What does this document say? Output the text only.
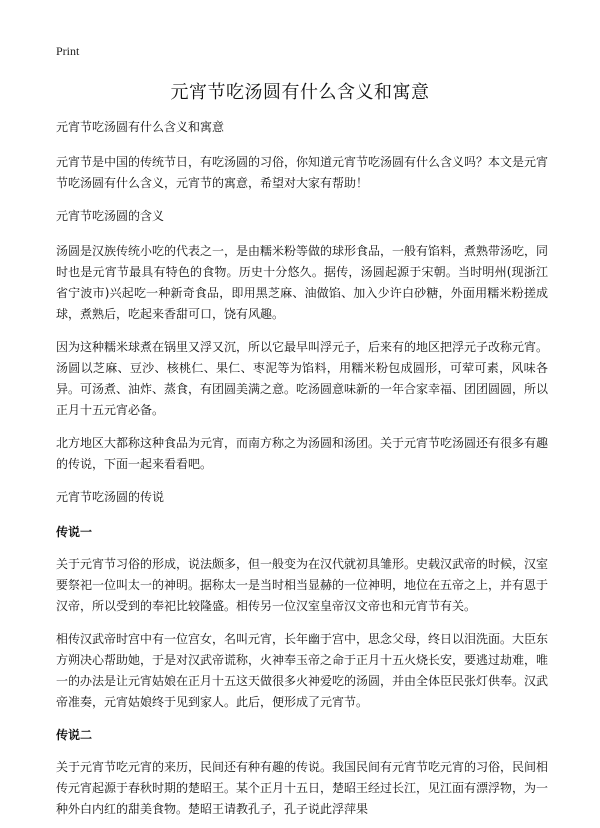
Print
元宵节吃汤圆有什么含义和寓意

元宵节吃汤圆有什么含义和寓意

元宵节是中国的传统节日，有吃汤圆的习俗，你知道元宵节吃汤圆有什么含义吗？本文是元宵节吃汤圆有什么含义，元宵节的寓意，希望对大家有帮助！

元宵节吃汤圆的含义

汤圆是汉族传统小吃的代表之一，是由糯米粉等做的球形食品，一般有馅料，煮熟带汤吃，同时也是元宵节最具有特色的食物。历史十分悠久。据传，汤圆起源于宋朝。当时明州(现浙江省宁波市)兴起吃一种新奇食品，即用黑芝麻、油做馅、加入少许白砂糖，外面用糯米粉搓成球，煮熟后，吃起来香甜可口，饶有风趣。

因为这种糯米球煮在锅里又浮又沉，所以它最早叫浮元子，后来有的地区把浮元子改称元宵。汤圆以芝麻、豆沙、核桃仁、果仁、枣泥等为馅料，用糯米粉包成圆形，可荤可素，风味各异。可汤煮、油炸、蒸食，有团圆美满之意。吃汤圆意味新的一年合家幸福、团团圆圆，所以正月十五元宵必备。

北方地区大都称这种食品为元宵，而南方称之为汤圆和汤团。关于元宵节吃汤圆还有很多有趣的传说，下面一起来看看吧。

元宵节吃汤圆的传说

传说一

关于元宵节习俗的形成，说法颇多，但一般变为在汉代就初具雏形。史载汉武帝的时候，汉室要祭祀一位叫太一的神明。据称太一是当时相当显赫的一位神明，地位在五帝之上，并有恩于汉帝，所以受到的奉祀比较隆盛。相传另一位汉室皇帝汉文帝也和元宵节有关。

相传汉武帝时宫中有一位宫女，名叫元宵，长年幽于宫中，思念父母，终日以泪洗面。大臣东方朔决心帮助她，于是对汉武帝谎称，火神奉玉帝之命于正月十五火烧长安，要逃过劫难，唯一的办法是让元宵姑娘在正月十五这天做很多火神爱吃的汤圆，并由全体臣民张灯供奉。汉武帝准奏，元宵姑娘终于见到家人。此后，便形成了元宵节。

传说二

关于元宵节吃元宵的来历，民间还有种有趣的传说。我国民间有元宵节吃元宵的习俗，民间相传元宵起源于春秋时期的楚昭王。某个正月十五日，楚昭王经过长江，见江面有漂浮物，为一种外白内红的甜美食物。楚昭王请教孔子，孔子说此浮萍果
